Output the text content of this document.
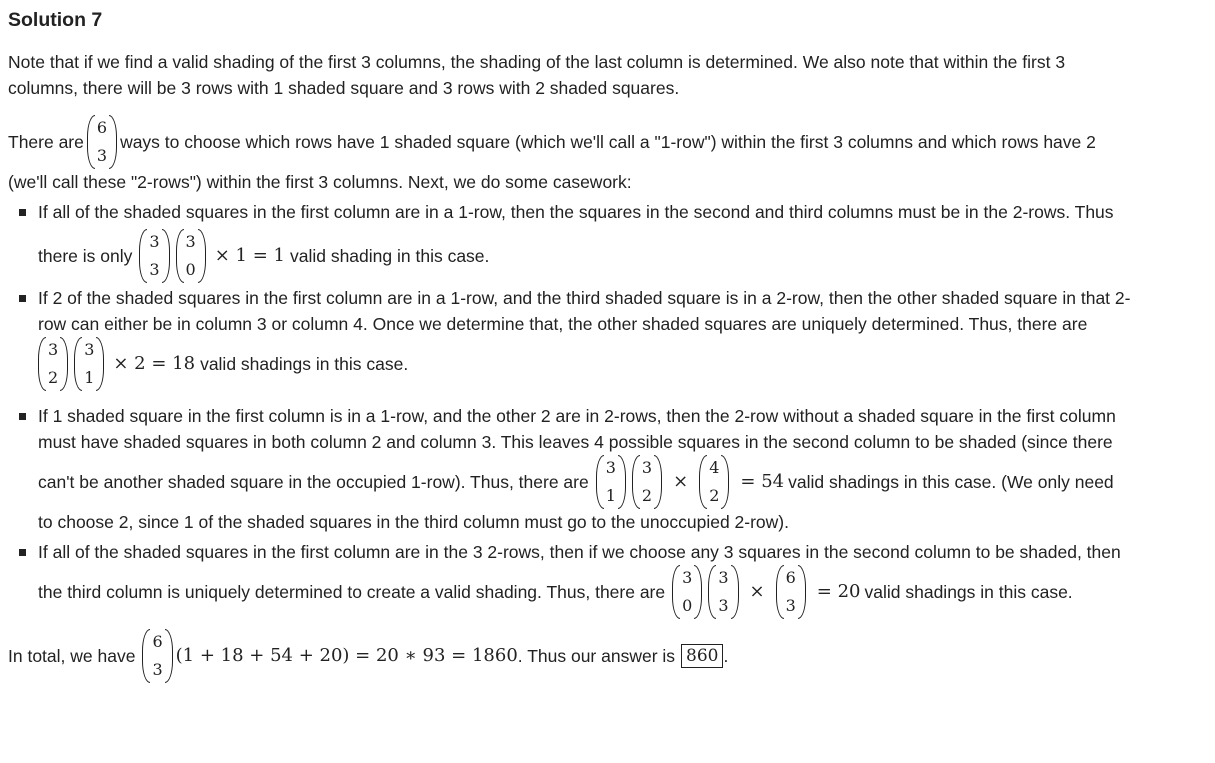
Solution 7

Note that if we find a valid shading of the first 3 columns, the shading of the last column is determined. We also note that within the first 3
columns, there will be 3 rows with 1 shaded square and 3 rows with 2 shaded squares.

There are
6
3
ways to choose which rows have 1 shaded square (which we'll call a "1-row") within the first 3 columns and which rows have 2
(we'll call these "2-rows") within the first 3 columns. Next, we do some casework:

If all of the shaded squares in the first column are in a 1-row, then the squares in the second and third columns must be in the 2-rows. Thus
there is only
3
3
3
0
× 1 = 1 valid shading in this case.
If 2 of the shaded squares in the first column are in a 1-row, and the third shaded square is in a 2-row, then the other shaded square in that 2-
row can either be in column 3 or column 4. Once we determine that, the other shaded squares are uniquely determined. Thus, there are
3
2
3
1
× 2 = 18 valid shadings in this case.
If 1 shaded square in the first column is in a 1-row, and the other 2 are in 2-rows, then the 2-row without a shaded square in the first column
must have shaded squares in both column 2 and column 3. This leaves 4 possible squares in the second column to be shaded (since there
can't be another shaded square in the occupied 1-row). Thus, there are
3
1
3
2
×
4
2
= 54 valid shadings in this case. (We only need
to choose 2, since 1 of the shaded squares in the third column must go to the unoccupied 2-row).
If all of the shaded squares in the first column are in the 3 2-rows, then if we choose any 3 squares in the second column to be shaded, then
the third column is uniquely determined to create a valid shading. Thus, there are
3
0
3
3
×
6
3
= 20 valid shadings in this case.

In total, we have
6
3
(1 + 18 + 54 + 20) = 20 ∗ 93 = 1860 . Thus our answer is 860 .
